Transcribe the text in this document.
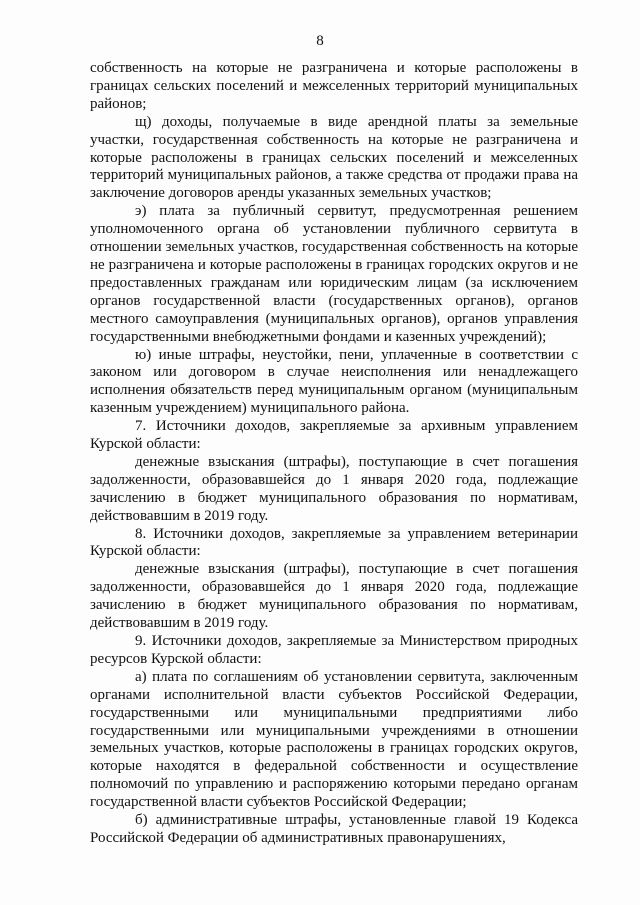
8

собственность на которые не разграничена и которые расположены в границах сельских поселений и межселенных территорий муниципальных районов;

щ) доходы, получаемые в виде арендной платы за земельные участки, государственная собственность на которые не разграничена и которые расположены в границах сельских поселений и межселенных территорий муниципальных районов, а также средства от продажи права на заключение договоров аренды указанных земельных участков;

э) плата за публичный сервитут, предусмотренная решением уполномоченного органа об установлении публичного сервитута в отношении земельных участков, государственная собственность на которые не разграничена и которые расположены в границах городских округов и не предоставленных гражданам или юридическим лицам (за исключением органов государственной власти (государственных органов), органов местного самоуправления (муниципальных органов), органов управления государственными внебюджетными фондами и казенных учреждений);

ю) иные штрафы, неустойки, пени, уплаченные в соответствии с законом или договором в случае неисполнения или ненадлежащего исполнения обязательств перед муниципальным органом (муниципальным казенным учреждением) муниципального района.

7. Источники доходов, закрепляемые за архивным управлением Курской области:

денежные взыскания (штрафы), поступающие в счет погашения задолженности, образовавшейся до 1 января 2020 года, подлежащие зачислению в бюджет муниципального образования по нормативам, действовавшим в 2019 году.

8. Источники доходов, закрепляемые за управлением ветеринарии Курской области:

денежные взыскания (штрафы), поступающие в счет погашения задолженности, образовавшейся до 1 января 2020 года, подлежащие зачислению в бюджет муниципального образования по нормативам, действовавшим в 2019 году.

9. Источники доходов, закрепляемые за Министерством природных ресурсов Курской области:

а) плата по соглашениям об установлении сервитута, заключенным органами исполнительной власти субъектов Российской Федерации, государственными или муниципальными предприятиями либо государственными или муниципальными учреждениями в отношении земельных участков, которые расположены в границах городских округов, которые находятся в федеральной собственности и осуществление полномочий по управлению и распоряжению которыми передано органам государственной власти субъектов Российской Федерации;

б) административные штрафы, установленные главой 19 Кодекса Российской Федерации об административных правонарушениях,
